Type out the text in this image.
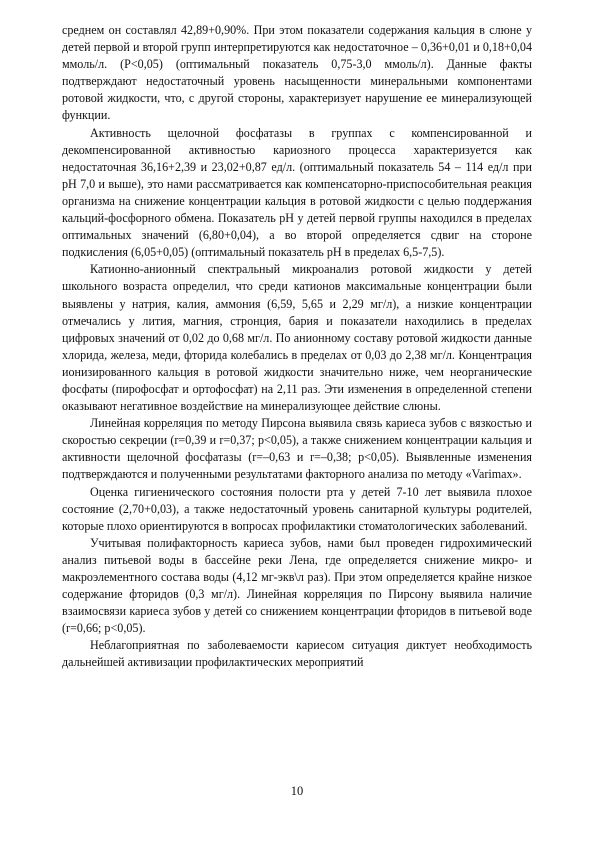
среднем он составлял 42,89+0,90%. При этом показатели содержания кальция в слюне у детей первой и второй групп интерпретируются как недостаточное – 0,36+0,01 и 0,18+0,04 ммоль/л. (Р<0,05) (оптимальный показатель 0,75-3,0 ммоль/л). Данные факты подтверждают недостаточный уровень насыщенности минеральными компонентами ротовой жидкости, что, с другой стороны, характеризует нарушение ее минерализующей функции.

Активность щелочной фосфатазы в группах с компенсированной и декомпенсированной активностью кариозного процесса характеризуется как недостаточная 36,16+2,39 и 23,02+0,87 ед/л. (оптимальный показатель 54 – 114 ед/л при рН 7,0 и выше), это нами рассматривается как компенсаторно-приспособительная реакция организма на снижение концентрации кальция в ротовой жидкости с целью поддержания кальций-фосфорного обмена. Показатель рН у детей первой группы находился в пределах оптимальных значений (6,80+0,04), а во второй определяется сдвиг на стороне подкисления (6,05+0,05) (оптимальный показатель рН в пределах 6,5-7,5).

Катионно-анионный спектральный микроанализ ротовой жидкости у детей школьного возраста определил, что среди катионов максимальные концентрации были выявлены у натрия, калия, аммония (6,59, 5,65 и 2,29 мг/л), а низкие концентрации отмечались у лития, магния, стронция, бария и показатели находились в пределах цифровых значений от 0,02 до 0,68 мг/л. По анионному составу ротовой жидкости данные хлорида, железа, меди, фторида колебались в пределах от 0,03 до 2,38 мг/л. Концентрация ионизированного кальция в ротовой жидкости значительно ниже, чем неорганические фосфаты (пирофосфат и ортофосфат) на 2,11 раз. Эти изменения в определенной степени оказывают негативное воздействие на минерализующее действие слюны.

Линейная корреляция по методу Пирсона выявила связь кариеса зубов с вязкостью и скоростью секреции (r=0,39 и r=0,37; р<0,05), а также снижением концентрации кальция и активности щелочной фосфатазы (r=–0,63 и r=–0,38; р<0,05). Выявленные изменения подтверждаются и полученными результатами факторного анализа по методу «Varimax».

Оценка гигиенического состояния полости рта у детей 7-10 лет выявила плохое состояние (2,70+0,03), а также недостаточный уровень санитарной культуры родителей, которые плохо ориентируются в вопросах профилактики стоматологических заболеваний.

Учитывая полифакторность кариеса зубов, нами был проведен гидрохимический анализ питьевой воды в бассейне реки Лена, где определяется снижение микро- и макроэлементного состава воды (4,12 мг-экв\л раз). При этом определяется крайне низкое содержание фторидов (0,3 мг/л). Линейная корреляция по Пирсону выявила наличие взаимосвязи кариеса зубов у детей со снижением концентрации фторидов в питьевой воде (r=0,66; р<0,05).

Неблагоприятная по заболеваемости кариесом ситуация диктует необходимость дальнейшей активизации профилактических мероприятий

10
